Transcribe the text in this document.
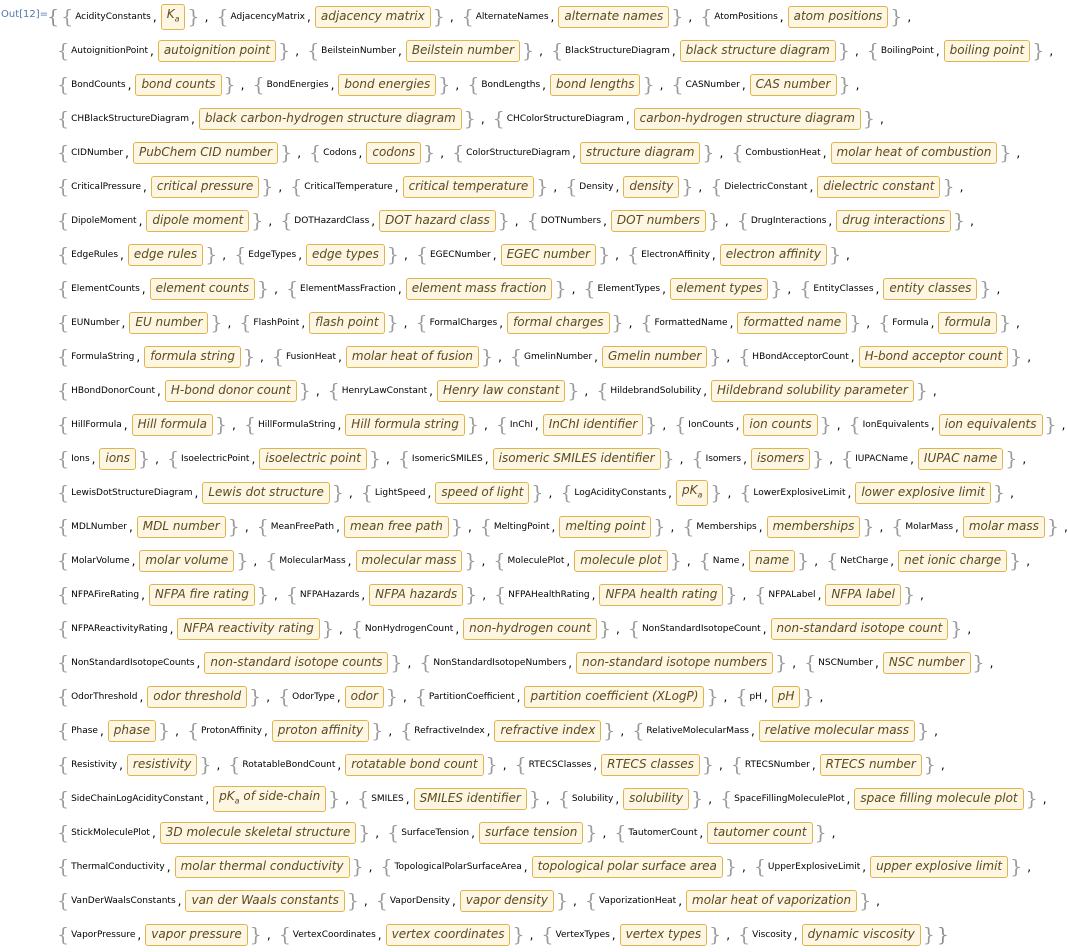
Out[12]=
{ { AcidityConstants , $K_a$ } , { AdjacencyMatrix , adjacency matrix } , { AlternateNames , alternate names } , { AtomPositions , atom positions } ,
{ AutoignitionPoint , autoignition point } , { BeilsteinNumber , Beilstein number } , { BlackStructureDiagram , black structure diagram } , { BoilingPoint , boiling point } ,
{ BondCounts , bond counts } , { BondEnergies , bond energies } , { BondLengths , bond lengths } , { CASNumber , CAS number } ,
{ CHBlackStructureDiagram , black carbon-hydrogen structure diagram } , { CHColorStructureDiagram , carbon-hydrogen structure diagram } ,
{ CIDNumber , PubChem CID number } , { Codons , codons } , { ColorStructureDiagram , structure diagram } , { CombustionHeat , molar heat of combustion } ,
{ CriticalPressure , critical pressure } , { CriticalTemperature , critical temperature } , { Density , density } , { DielectricConstant , dielectric constant } ,
{ DipoleMoment , dipole moment } , { DOTHazardClass , DOT hazard class } , { DOTNumbers , DOT numbers } , { DrugInteractions , drug interactions } ,
{ EdgeRules , edge rules } , { EdgeTypes , edge types } , { EGECNumber , EGEC number } , { ElectronAffinity , electron affinity } ,
{ ElementCounts , element counts } , { ElementMassFraction , element mass fraction } , { ElementTypes , element types } , { EntityClasses , entity classes } ,
{ EUNumber , EU number } , { FlashPoint , flash point } , { FormalCharges , formal charges } , { FormattedName , formatted name } , { Formula , formula } ,
{ FormulaString , formula string } , { FusionHeat , molar heat of fusion } , { GmelinNumber , Gmelin number } , { HBondAcceptorCount , H-bond acceptor count } ,
{ HBondDonorCount , H-bond donor count } , { HenryLawConstant , Henry law constant } , { HildebrandSolubility , Hildebrand solubility parameter } ,
{ HillFormula , Hill formula } , { HillFormulaString , Hill formula string } , { InChI , InChI identifier } , { IonCounts , ion counts } , { IonEquivalents , ion equivalents } ,
{ Ions , ions } , { IsoelectricPoint , isoelectric point } , { IsomericSMILES , isomeric SMILES identifier } , { Isomers , isomers } , { IUPACName , IUPAC name } ,
{ LewisDotStructureDiagram , Lewis dot structure } , { LightSpeed , speed of light } , { LogAcidityConstants , $pK_a$ } , { LowerExplosiveLimit , lower explosive limit } ,
{ MDLNumber , MDL number } , { MeanFreePath , mean free path } , { MeltingPoint , melting point } , { Memberships , memberships } , { MolarMass , molar mass } ,
{ MolarVolume , molar volume } , { MolecularMass , molecular mass } , { MoleculePlot , molecule plot } , { Name , name } , { NetCharge , net ionic charge } ,
{ NFPAFireRating , NFPA fire rating } , { NFPAHazards , NFPA hazards } , { NFPAHealthRating , NFPA health rating } , { NFPALabel , NFPA label } ,
{ NFPAReactivityRating , NFPA reactivity rating } , { NonHydrogenCount , non-hydrogen count } , { NonStandardIsotopeCount , non-standard isotope count } ,
{ NonStandardIsotopeCounts , non-standard isotope counts } , { NonStandardIsotopeNumbers , non-standard isotope numbers } , { NSCNumber , NSC number } ,
{ OdorThreshold , odor threshold } , { OdorType , odor } , { PartitionCoefficient , partition coefficient (XLogP) } , { pH , pH } ,
{ Phase , phase } , { ProtonAffinity , proton affinity } , { RefractiveIndex , refractive index } , { RelativeMolecularMass , relative molecular mass } ,
{ Resistivity , resistivity } , { RotatableBondCount , rotatable bond count } , { RTECSClasses , RTECS classes } , { RTECSNumber , RTECS number } ,
{ SideChainLogAcidityConstant , $pK_a$ of side-chain } , { SMILES , SMILES identifier } , { Solubility , solubility } , { SpaceFillingMoleculePlot , space filling molecule plot } ,
{ StickMoleculePlot , 3D molecule skeletal structure } , { SurfaceTension , surface tension } , { TautomerCount , tautomer count } ,
{ ThermalConductivity , molar thermal conductivity } , { TopologicalPolarSurfaceArea , topological polar surface area } , { UpperExplosiveLimit , upper explosive limit } ,
{ VanDerWaalsConstants , van der Waals constants } , { VaporDensity , vapor density } , { VaporizationHeat , molar heat of vaporization } ,
{ VaporPressure , vapor pressure } , { VertexCoordinates , vertex coordinates } , { VertexTypes , vertex types } , { Viscosity , dynamic viscosity } }
